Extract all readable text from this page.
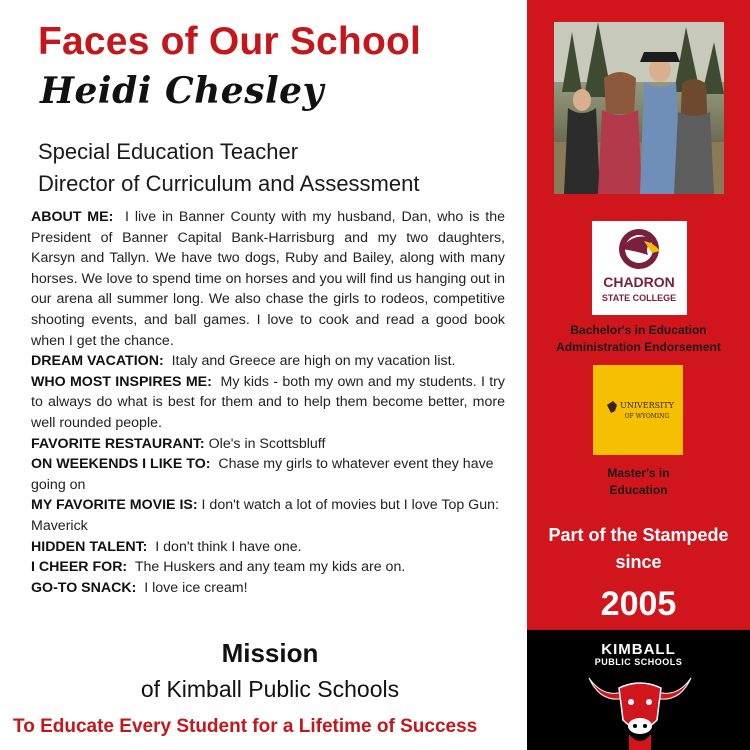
Faces of Our School
Heidi Chesley
Special Education Teacher
Director of Curriculum and Assessment

ABOUT ME: I live in Banner County with my husband, Dan, who is the President of Banner Capital Bank-Harrisburg and my two daughters, Karsyn and Tallyn. We have two dogs, Ruby and Bailey, along with many horses. We love to spend time on horses and you will find us hanging out in our arena all summer long. We also chase the girls to rodeos, competitive shooting events, and ball games. I love to cook and read a good book when I get the chance.

DREAM VACATION: Italy and Greece are high on my vacation list.

WHO MOST INSPIRES ME: My kids - both my own and my students. I try to always do what is best for them and to help them become better, more well rounded people.

FAVORITE RESTAURANT: Ole's in Scottsbluff

ON WEEKENDS I LIKE TO: Chase my girls to whatever event they have going on

MY FAVORITE MOVIE IS: I don't watch a lot of movies but I love Top Gun: Maverick

HIDDEN TALENT: I don't think I have one.

I CHEER FOR: The Huskers and any team my kids are on.

GO-TO SNACK: I love ice cream!

Mission
of Kimball Public Schools
To Educate Every Student for a Lifetime of Success
CHADRON
STATE COLLEGE
Bachelor's in Education
Administration Endorsement
UNIVERSITY
OF WYOMING
Master's in
Education
Part of the Stampede
since
2005
KIMBALL
PUBLIC SCHOOLS
